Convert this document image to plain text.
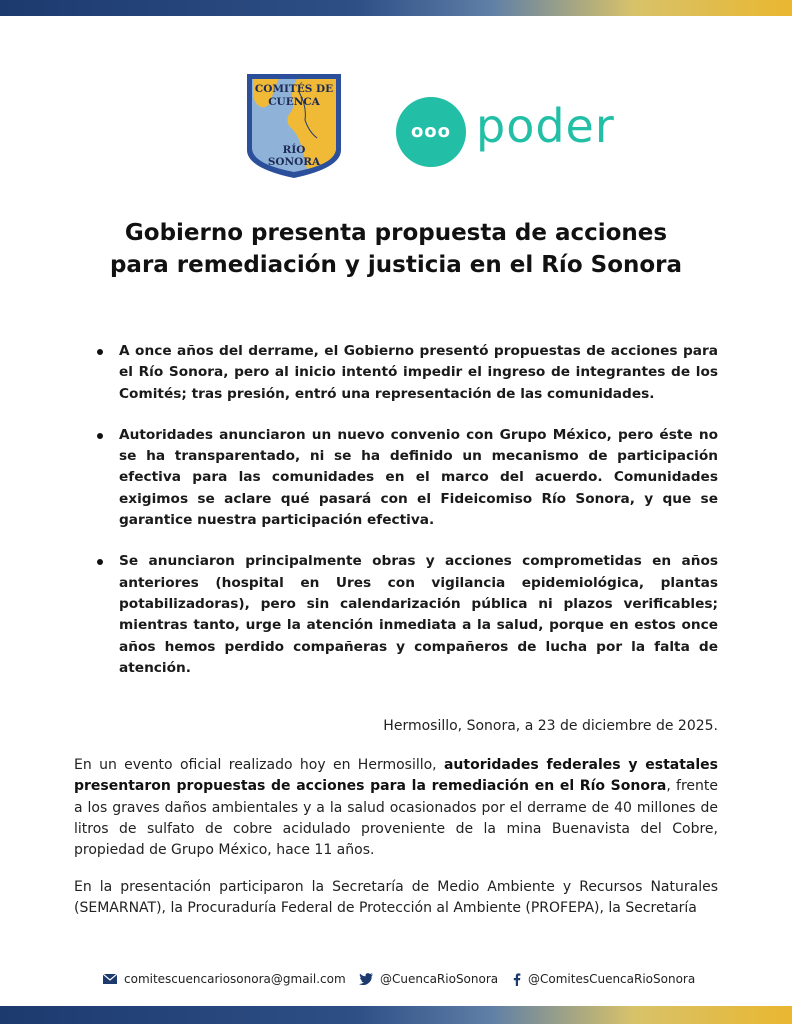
COMITÉS DE
CUENCA
RÍO
SONORA
ooo poder
Gobierno presenta propuesta de acciones
para remediación y justicia en el Río Sonora
A once años del derrame, el Gobierno presentó propuestas de acciones para el Río Sonora, pero al inicio intentó impedir el ingreso de integrantes de los Comités; tras presión, entró una representación de las comunidades.
Autoridades anunciaron un nuevo convenio con Grupo México, pero éste no se ha transparentado, ni se ha definido un mecanismo de participación efectiva para las comunidades en el marco del acuerdo. Comunidades exigimos se aclare qué pasará con el Fideicomiso Río Sonora, y que se garantice nuestra participación efectiva.
Se anunciaron principalmente obras y acciones comprometidas en años anteriores (hospital en Ures con vigilancia epidemiológica, plantas potabilizadoras), pero sin calendarización pública ni plazos verificables; mientras tanto, urge la atención inmediata a la salud, porque en estos once años hemos perdido compañeras y compañeros de lucha por la falta de atención.
Hermosillo, Sonora, a 23 de diciembre de 2025.

En un evento oficial realizado hoy en Hermosillo, autoridades federales y estatales presentaron propuestas de acciones para la remediación en el Río Sonora, frente a los graves daños ambientales y a la salud ocasionados por el derrame de 40 millones de litros de sulfato de cobre acidulado proveniente de la mina Buenavista del Cobre, propiedad de Grupo México, hace 11 años.

En la presentación participaron la Secretaría de Medio Ambiente y Recursos Naturales (SEMARNAT), la Procuraduría Federal de Protección al Ambiente (PROFEPA), la Secretaría

comitescuencariosonora@gmail.com	@CuencaRioSonora @ComitesCuencaRioSonora
